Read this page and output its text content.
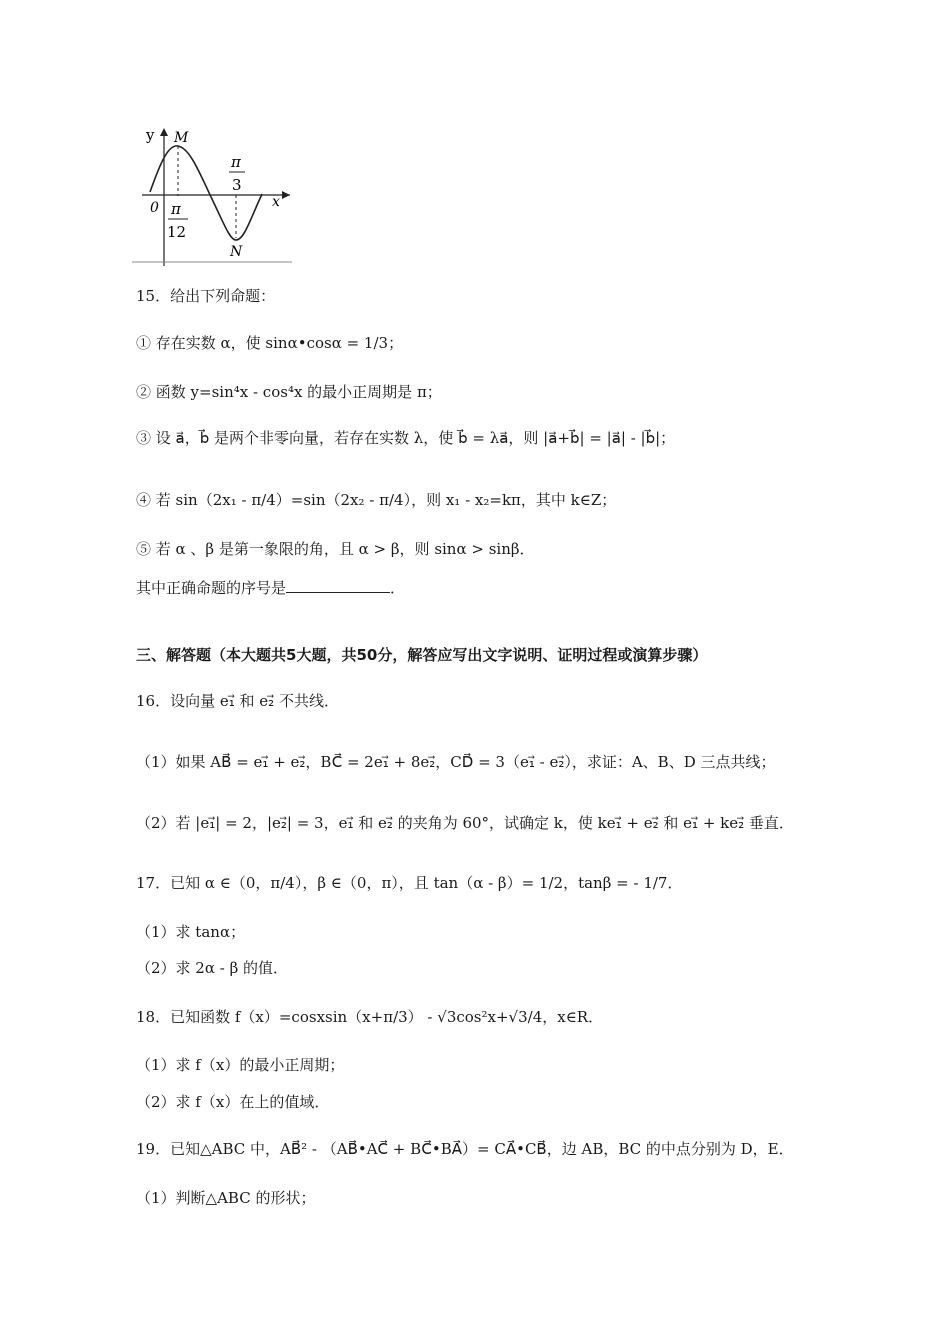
y
x
0
M
N
π
12
π
3
15．给出下列命题：
① 存在实数 α，使 sinα•cosα = 1/3；
② 函数 y=sin⁴x - cos⁴x 的最小正周期是 π；
③ 设 a⃗，b⃗ 是两个非零向量，若存在实数 λ，使 b⃗ = λa⃗，则 |a⃗+b⃗| = |a⃗| - |b⃗|；
④ 若 sin（2x₁ - π/4）=sin（2x₂ - π/4），则 x₁ - x₂=kπ，其中 k∈Z；
⑤ 若 α 、β 是第一象限的角，且 α > β，则 sinα > sinβ．
其中正确命题的序号是	．
三、解答题（本大题共5大题，共50分，解答应写出文字说明、证明过程或演算步骤）
16．设向量 e₁⃗ 和 e₂⃗ 不共线．
（1）如果 AB⃗ = e₁⃗ + e₂⃗，BC⃗ = 2e₁⃗ + 8e₂⃗，CD⃗ = 3（e₁⃗ - e₂⃗），求证：A、B、D 三点共线；
（2）若 |e₁⃗| = 2，|e₂⃗| = 3，e₁⃗ 和 e₂⃗ 的夹角为 60°，试确定 k，使 ke₁⃗ + e₂⃗ 和 e₁⃗ + ke₂⃗ 垂直．
17．已知 α ∈（0，π/4），β ∈（0，π），且 tan（α - β）= 1/2，tanβ = - 1/7．
（1）求 tanα；
（2）求 2α - β 的值．
18．已知函数 f（x）=cosxsin（x+π/3） - √3cos²x+√3/4，x∈R．
（1）求 f（x）的最小正周期；
（2）求 f（x）在上的值域．
19．已知△ABC 中，AB⃗² - （AB⃗•AC⃗ + BC⃗•BA⃗）= CA⃗•CB⃗，边 AB，BC 的中点分别为 D，E．
（1）判断△ABC 的形状；
